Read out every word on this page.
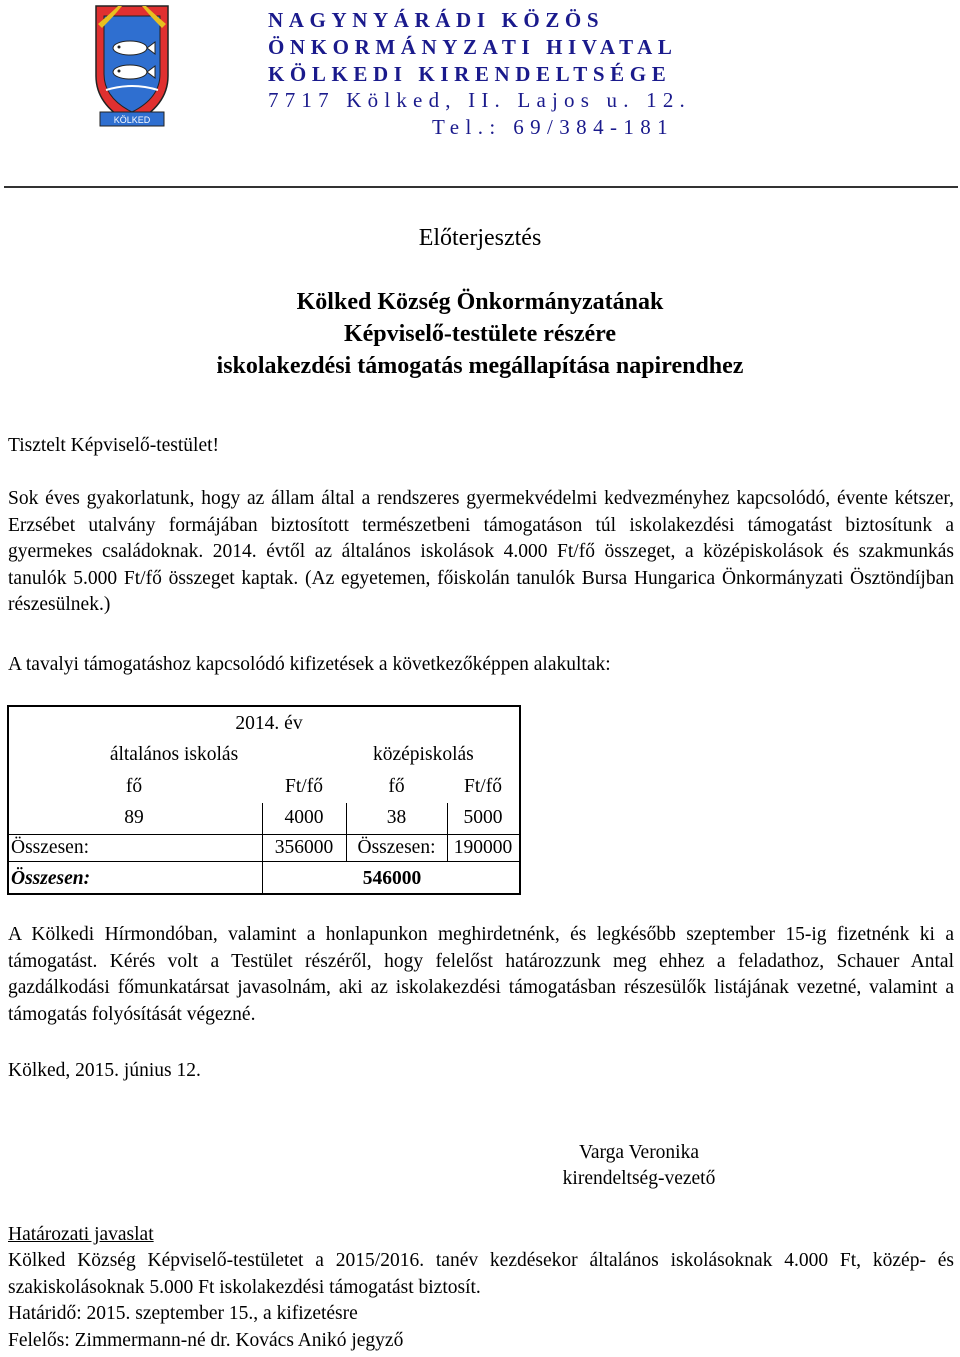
KÖLKED
NAGYNYÁRÁDI KÖZÖS
ÖNKORMÁNYZATI HIVATAL
KÖLKEDI KIRENDELTSÉGE
7717 Kölked, II. Lajos u. 12.
Tel.: 69/384-181
Előterjesztés
Kölked Község Önkormányzatának
Képviselő-testülete részére
iskolakezdési támogatás megállapítása napirendhez
Tisztelt Képviselő-testület!
Sok éves gyakorlatunk, hogy az állam által a rendszeres gyermekvédelmi kedvezményhez kapcsolódó, évente kétszer, Erzsébet utalvány formájában biztosított természetbeni támogatáson túl iskolakezdési támogatást biztosítunk a gyermekes családoknak. 2014. évtől az általános iskolások 4.000 Ft/fő összeget, a középiskolások és szakmunkás tanulók 5.000 Ft/fő összeget kaptak. (Az egyetemen, főiskolán tanulók Bursa Hungarica Önkormányzati Ösztöndíjban részesülnek.)
A tavalyi támogatáshoz kapcsolódó kifizetések a következőképpen alakultak:
2014. év
általános iskolás	középiskolás
fő	Ft/fő	fő	Ft/fő
89	4000	38	5000
Összesen:	356000	Összesen: 190000
Összesen:	546000
A Kölkedi Hírmondóban, valamint a honlapunkon meghirdetnénk, és legkésőbb szeptember 15-ig fizetnénk ki a támogatást. Kérés volt a Testület részéről, hogy felelőst határozzunk meg ehhez a feladathoz, Schauer Antal gazdálkodási főmunkatársat javasolnám, aki az iskolakezdési támogatásban részesülők listájának vezetné, valamint a támogatás folyósítását végezné.
Kölked, 2015. június 12.
Varga Veronika
kirendeltség-vezető
Határozati javaslat
Kölked Község Képviselő-testületet a 2015/2016. tanév kezdésekor általános iskolásoknak 4.000 Ft, közép- és szakiskolásoknak 5.000 Ft iskolakezdési támogatást biztosít.
Határidő: 2015. szeptember 15., a kifizetésre
Felelős: Zimmermann-né dr. Kovács Anikó jegyző
